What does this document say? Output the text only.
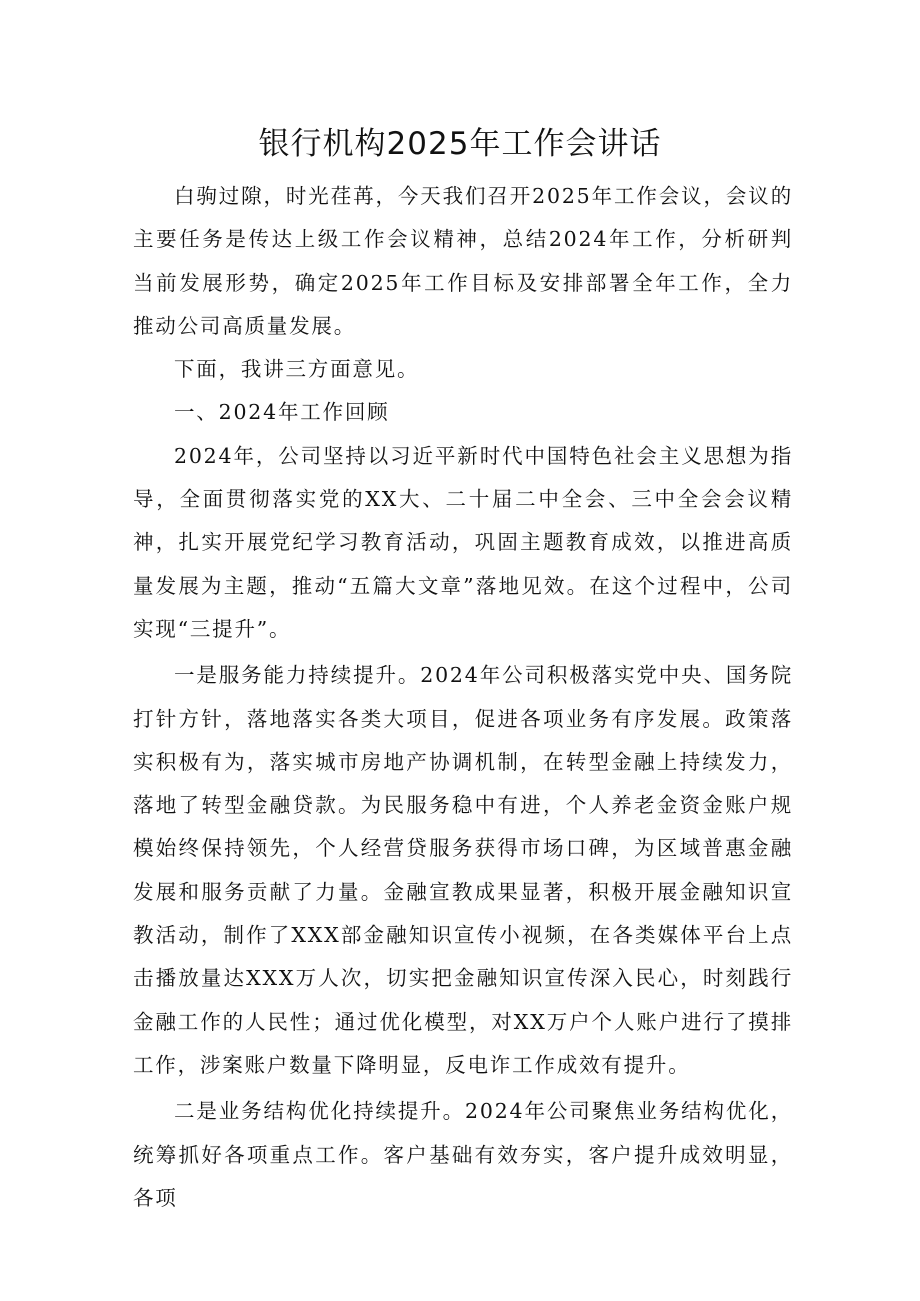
银行机构2025年工作会讲话

白驹过隙，时光荏苒，今天我们召开2025年工作会议，会议的主要任务是传达上级工作会议精神，总结2024年工作，分析研判当前发展形势，确定2025年工作目标及安排部署全年工作，全力推动公司高质量发展。

下面，我讲三方面意见。

一、2024年工作回顾

2024年，公司坚持以习近平新时代中国特色社会主义思想为指导，全面贯彻落实党的XX大、二十届二中全会、三中全会会议精神，扎实开展党纪学习教育活动，巩固主题教育成效，以推进高质量发展为主题，推动“五篇大文章”落地见效。在这个过程中，公司实现“三提升”。

一是服务能力持续提升。2024年公司积极落实党中央、国务院打针方针，落地落实各类大项目，促进各项业务有序发展。政策落实积极有为，落实城市房地产协调机制，在转型金融上持续发力，落地了转型金融贷款。为民服务稳中有进，个人养老金资金账户规模始终保持领先，个人经营贷服务获得市场口碑，为区域普惠金融发展和服务贡献了力量。金融宣教成果显著，积极开展金融知识宣教活动，制作了XXX部金融知识宣传小视频，在各类媒体平台上点击播放量达XXX万人次，切实把金融知识宣传深入民心，时刻践行金融工作的人民性；通过优化模型，对XX万户个人账户进行了摸排工作，涉案账户数量下降明显，反电诈工作成效有提升。

二是业务结构优化持续提升。2024年公司聚焦业务结构优化，统筹抓好各项重点工作。客户基础有效夯实，客户提升成效明显，各项
